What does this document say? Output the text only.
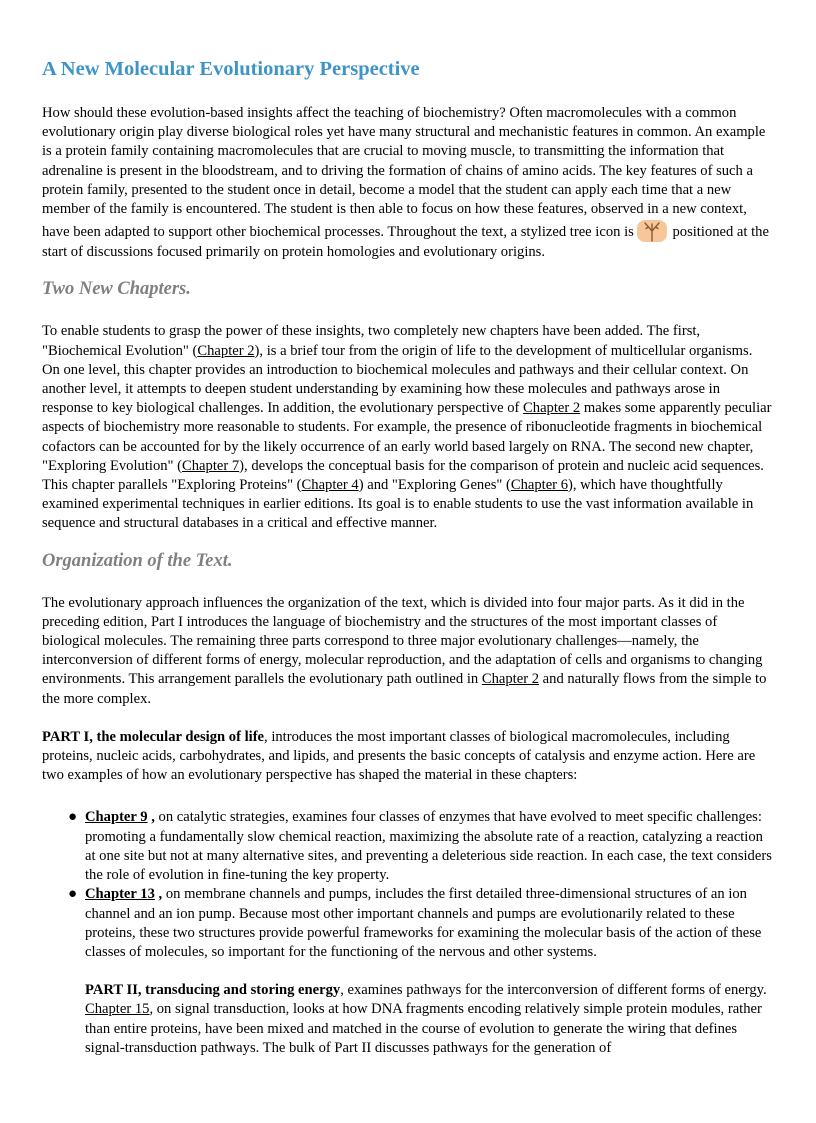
A New Molecular Evolutionary Perspective

How should these evolution-based insights affect the teaching of biochemistry? Often macromolecules with a common evolutionary origin play diverse biological roles yet have many structural and mechanistic features in common. An example is a protein family containing macromolecules that are crucial to moving muscle, to transmitting the information that adrenaline is present in the bloodstream, and to driving the formation of chains of amino acids. The key features of such a protein family, presented to the student once in detail, become a model that the student can apply each time that a new member of the family is encountered. The student is then able to focus on how these features, observed in a new context, have been adapted to support other biochemical processes. Throughout the text, a stylized tree icon is	positioned at the start of discussions focused primarily on protein homologies and evolutionary origins.

Two New Chapters.

To enable students to grasp the power of these insights, two completely new chapters have been added. The first, "Biochemical Evolution" (Chapter 2), is a brief tour from the origin of life to the development of multicellular organisms. On one level, this chapter provides an introduction to biochemical molecules and pathways and their cellular context. On another level, it attempts to deepen student understanding by examining how these molecules and pathways arose in response to key biological challenges. In addition, the evolutionary perspective of Chapter 2 makes some apparently peculiar aspects of biochemistry more reasonable to students. For example, the presence of ribonucleotide fragments in biochemical cofactors can be accounted for by the likely occurrence of an early world based largely on RNA. The second new chapter, "Exploring Evolution" (Chapter 7), develops the conceptual basis for the comparison of protein and nucleic acid sequences. This chapter parallels "Exploring Proteins" (Chapter 4) and "Exploring Genes" (Chapter 6), which have thoughtfully examined experimental techniques in earlier editions. Its goal is to enable students to use the vast information available in sequence and structural databases in a critical and effective manner.

Organization of the Text.

The evolutionary approach influences the organization of the text, which is divided into four major parts. As it did in the preceding edition, Part I introduces the language of biochemistry and the structures of the most important classes of biological molecules. The remaining three parts correspond to three major evolutionary challenges—namely, the interconversion of different forms of energy, molecular reproduction, and the adaptation of cells and organisms to changing environments. This arrangement parallels the evolutionary path outlined in Chapter 2 and naturally flows from the simple to the more complex.

PART I, the molecular design of life, introduces the most important classes of biological macromolecules, including proteins, nucleic acids, carbohydrates, and lipids, and presents the basic concepts of catalysis and enzyme action. Here are two examples of how an evolutionary perspective has shaped the material in these chapters:

● Chapter 9 , on catalytic strategies, examines four classes of enzymes that have evolved to meet specific challenges: promoting a fundamentally slow chemical reaction, maximizing the absolute rate of a reaction, catalyzing a reaction at one site but not at many alternative sites, and preventing a deleterious side reaction. In each case, the text considers the role of evolution in fine-tuning the key property.
● Chapter 13 , on membrane channels and pumps, includes the first detailed three-dimensional structures of an ion channel and an ion pump. Because most other important channels and pumps are evolutionarily related to these proteins, these two structures provide powerful frameworks for examining the molecular basis of the action of these classes of molecules, so important for the functioning of the nervous and other systems.

PART II, transducing and storing energy, examines pathways for the interconversion of different forms of energy. Chapter 15, on signal transduction, looks at how DNA fragments encoding relatively simple protein modules, rather than entire proteins, have been mixed and matched in the course of evolution to generate the wiring that defines signal-transduction pathways. The bulk of Part II discusses pathways for the generation of
